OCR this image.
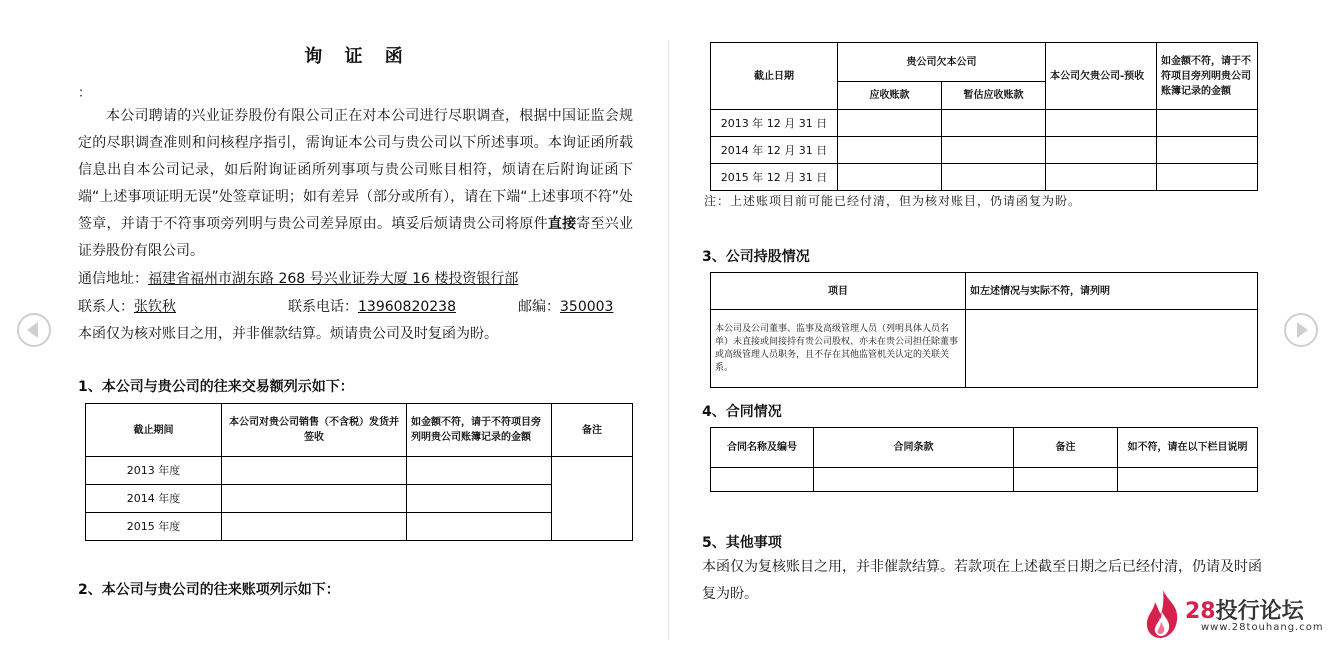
询 证 函
：
本公司聘请的兴业证券股份有限公司正在对本公司进行尽职调查，根据中国证监会规定的尽职调查准则和问核程序指引，需询证本公司与贵公司以下所述事项。本询证函所载信息出自本公司记录，如后附询证函所列事项与贵公司账目相符，烦请在后附询证函下端“上述事项证明无误”处签章证明；如有差异（部分或所有），请在下端“上述事项不符”处签章，并请于不符事项旁列明与贵公司差异原由。填妥后烦请贵公司将原件直接寄至兴业证券股份有限公司。
通信地址：福建省福州市湖东路 268 号兴业证券大厦 16 楼投资银行部
联系人：张钦秋	联系电话：13960820238	邮编：350003
本函仅为核对账目之用，并非催款结算。烦请贵公司及时复函为盼。
1、本公司与贵公司的往来交易额列示如下：
截止期间	本公司对贵公司销售（不含税）发货并签收	如金额不符，请于不符项目旁列明贵公司账簿记录的金额	备注
2013 年度			
2014 年度			
2015 年度			
2、本公司与贵公司的往来账项列示如下：
截止日期	贵公司欠本公司		本公司欠贵公司-预收	如金额不符，请于不符项目旁列明贵公司账簿记录的金额
	应收账款	暂估应收账款		
2013 年 12 月 31 日				
2014 年 12 月 31 日				
2015 年 12 月 31 日				
注：上述账项目前可能已经付清，但为核对账目，仍请函复为盼。
3、公司持股情况
项目	如左述情况与实际不符，请列明
本公司及公司董事、监事及高级管理人员（列明具体人员名单）未直接或间接持有贵公司股权、亦未在贵公司担任除董事或高级管理人员职务，且不存在其他监管机关认定的关联关系。	
4、合同情况
合同名称及编号	合同条款	备注	如不符，请在以下栏目说明

5、其他事项
本函仅为复核账目之用，并非催款结算。若款项在上述截至日期之后已经付清，仍请及时函复为盼。
28投行论坛
www.28touhang.com
